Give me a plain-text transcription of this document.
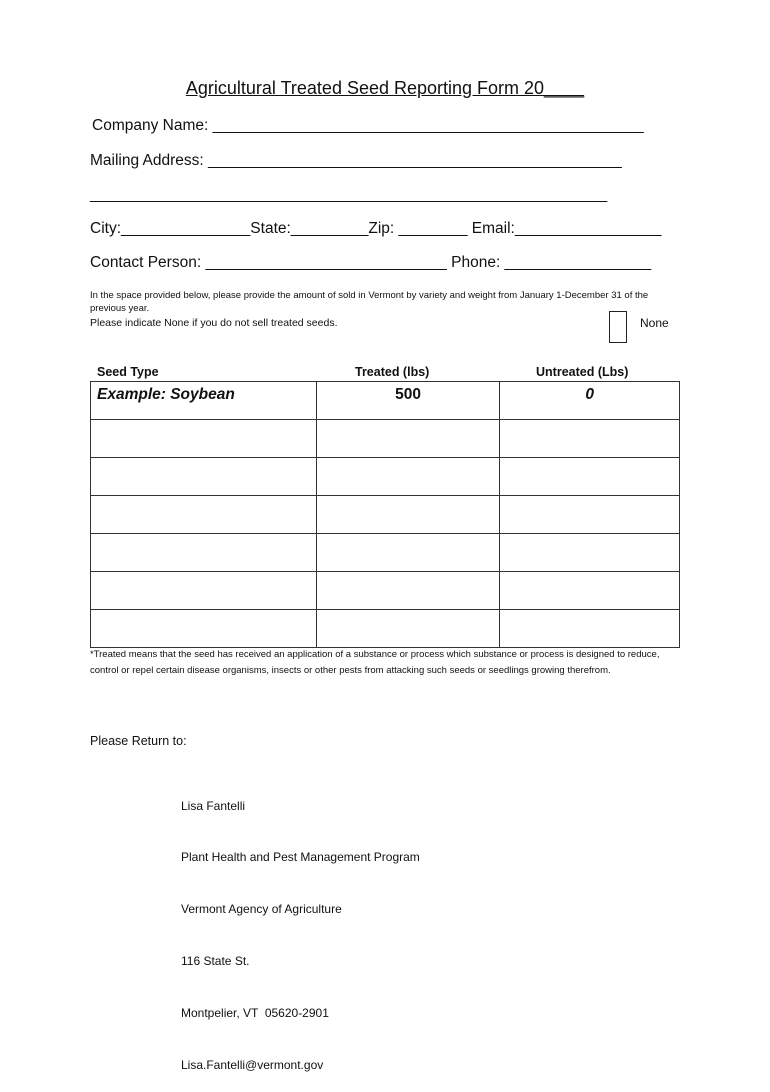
Agricultural Treated Seed Reporting Form 20____
Company Name: __________________________________________________
Mailing Address: ________________________________________________
____________________________________________________________
City:_______________State:_________Zip: ________ Email:_________________
Contact Person: ____________________________ Phone: _________________
In the space provided below, please provide the amount of sold in Vermont by variety and weight from January 1-December 31 of the previous year.
Please indicate None if you do not sell treated seeds.	None
Seed Type	Treated (lbs)	Untreated (Lbs)
Example: Soybean	500	0

*Treated means that the seed has received an application of a substance or process which substance or process is designed to reduce, control or repel certain disease organisms, insects or other pests from attacking such seeds or seedlings growing therefrom.
Please Return to:

Lisa Fantelli

Plant Health and Pest Management Program

Vermont Agency of Agriculture

116 State St.

Montpelier, VT  05620-2901

Lisa.Fantelli@vermont.gov
